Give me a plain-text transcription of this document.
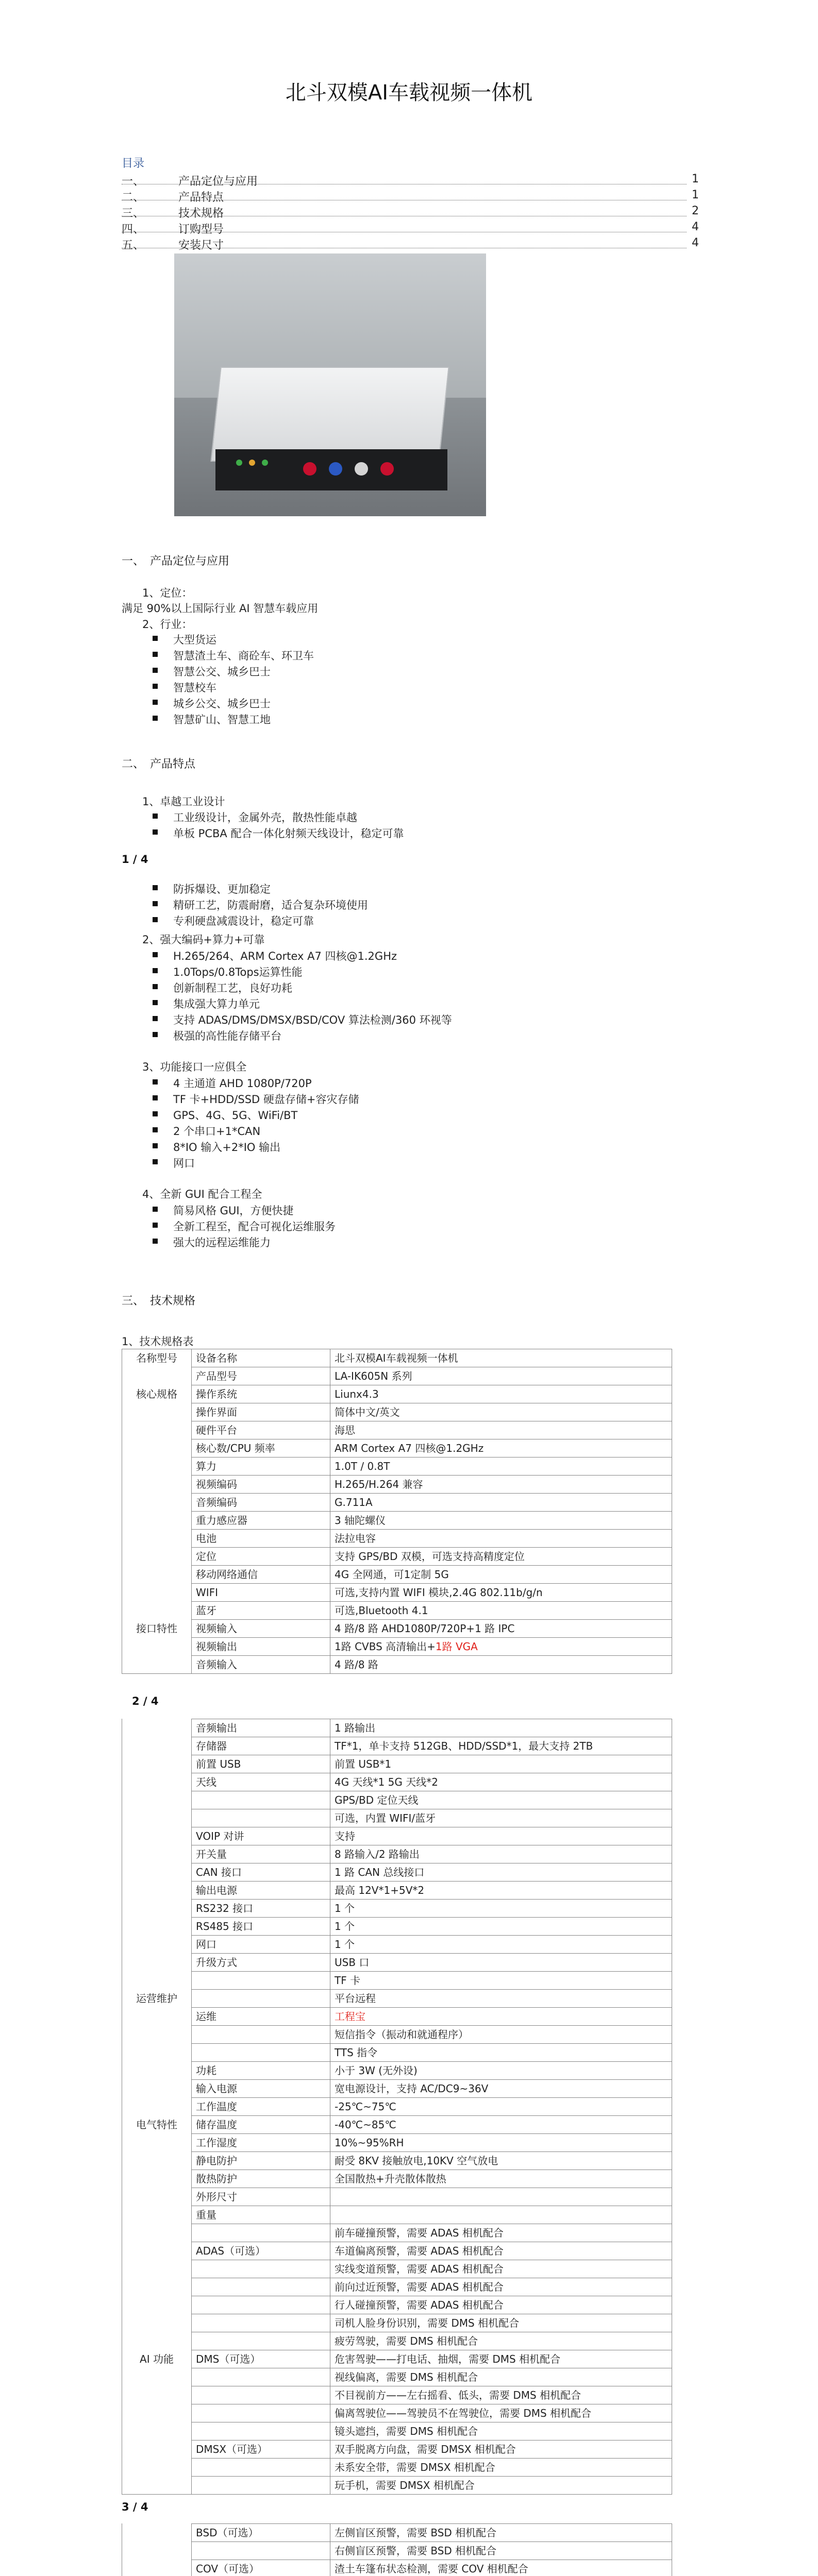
北斗双模AI车载视频一体机
目录
一、	产品定位与应用	1
二、	产品特点	1
三、	技术规格	2
四、	订购型号	4
五、	安装尺寸	4
一、　产品定位与应用
1、定位：
满足 90%以上国际行业 AI 智慧车载应用
2、行业：
大型货运
智慧渣土车、商砼车、环卫车
智慧公交、城乡巴士
智慧校车
城乡公交、城乡巴士
智慧矿山、智慧工地
二、　产品特点
1、卓越工业设计
工业级设计，金属外壳，散热性能卓越
单板 PCBA 配合一体化射频天线设计，稳定可靠
1 / 4
防拆爆设、更加稳定
精研工艺，防震耐磨，适合复杂环境使用
专利硬盘减震设计，稳定可靠
2、强大编码+算力+可靠
H.265/264、ARM Cortex A7 四核@1.2GHz
1.0Tops/0.8Tops运算性能
创新制程工艺，良好功耗
集成强大算力单元
支持 ADAS/DMS/DMSX/BSD/COV 算法检测/360 环视等
极强的高性能存储平台
3、功能接口一应俱全
4 主通道 AHD 1080P/720P
TF 卡+HDD/SSD 硬盘存储+容灾存储
GPS、4G、5G、WiFi/BT
2 个串口+1*CAN
8*IO 输入+2*IO 输出
网口
4、全新 GUI 配合工程全
简易风格 GUI，方便快捷
全新工程至，配合可视化运维服务
强大的远程运维能力
三、　技术规格
1、技术规格表
名称型号	设备名称	北斗双模AI车载视频一体机
	产品型号	LA-IK605N 系列
核心规格	操作系统	Liunx4.3
	操作界面	简体中文/英文
	硬件平台	海思
	核心数/CPU 频率	ARM Cortex A7 四核@1.2GHz
	算力	1.0T / 0.8T
	视频编码	H.265/H.264 兼容
	音频编码	G.711A
	重力感应器	3 轴陀螺仪
	电池	法拉电容
	定位	支持 GPS/BD 双模，可选支持高精度定位
	移动网络通信	4G 全网通，可1定制 5G
	WIFI	可选,支持内置 WIFI 模块,2.4G 802.11b/g/n
	蓝牙	可选,Bluetooth 4.1
接口特性	视频输入	4 路/8 路 AHD1080P/720P+1 路 IPC
	视频输出	1路 CVBS 高清输出+1路 VGA
	音频输入	4 路/8 路
2 / 4
	音频输出	1 路输出
	存储器	TF*1，单卡支持 512GB、HDD/SSD*1，最大支持 2TB
	前置 USB	前置 USB*1
	天线	4G 天线*1 5G 天线*2
		GPS/BD 定位天线
		可选，内置 WIFI/蓝牙
	VOIP 对讲	支持
	开关量	8 路输入/2 路输出
	CAN 接口	1 路 CAN 总线接口
	输出电源	最高 12V*1+5V*2
	RS232 接口	1 个
	RS485 接口	1 个
	网口	1 个
	升级方式	USB 口
		TF 卡
运营维护		平台远程
	运维	工程宝
		短信指令（振动和就通程序）
		TTS 指令
	功耗	小于 3W (无外设)
	输入电源	宽电源设计，支持 AC/DC9~36V
	工作温度	-25℃~75℃
电气特性	储存温度	-40℃~85℃
	工作湿度	10%~95%RH
	静电防护	耐受 8KV 接触放电,10KV 空气放电
	散热防护	全国散热+升壳散体散热
	外形尺寸	
	重量	
		前车碰撞预警，需要 ADAS 相机配合
	ADAS（可选）	车道偏离预警，需要 ADAS 相机配合
		实线变道预警，需要 ADAS 相机配合
		前向过近预警，需要 ADAS 相机配合
		行人碰撞预警，需要 ADAS 相机配合
		司机人脸身份识别，需要 DMS 相机配合
		疲劳驾驶，需要 DMS 相机配合
AI 功能	DMS（可选）	危害驾驶——打电话、抽烟，需要 DMS 相机配合
		视线偏离，需要 DMS 相机配合
		不目视前方——左右摇看、低头，需要 DMS 相机配合
		偏离驾驶位——驾驶员不在驾驶位，需要 DMS 相机配合
		镜头遮挡，需要 DMS 相机配合
	DMSX（可选）	双手脱离方向盘，需要 DMSX 相机配合
		未系安全带，需要 DMSX 相机配合
		玩手机，需要 DMSX 相机配合
3 / 4
	BSD（可选）	左侧盲区预警，需要 BSD 相机配合
		右侧盲区预警，需要 BSD 相机配合
	COV（可选）	渣土车篷布状态检测，需要 COV 相机配合
